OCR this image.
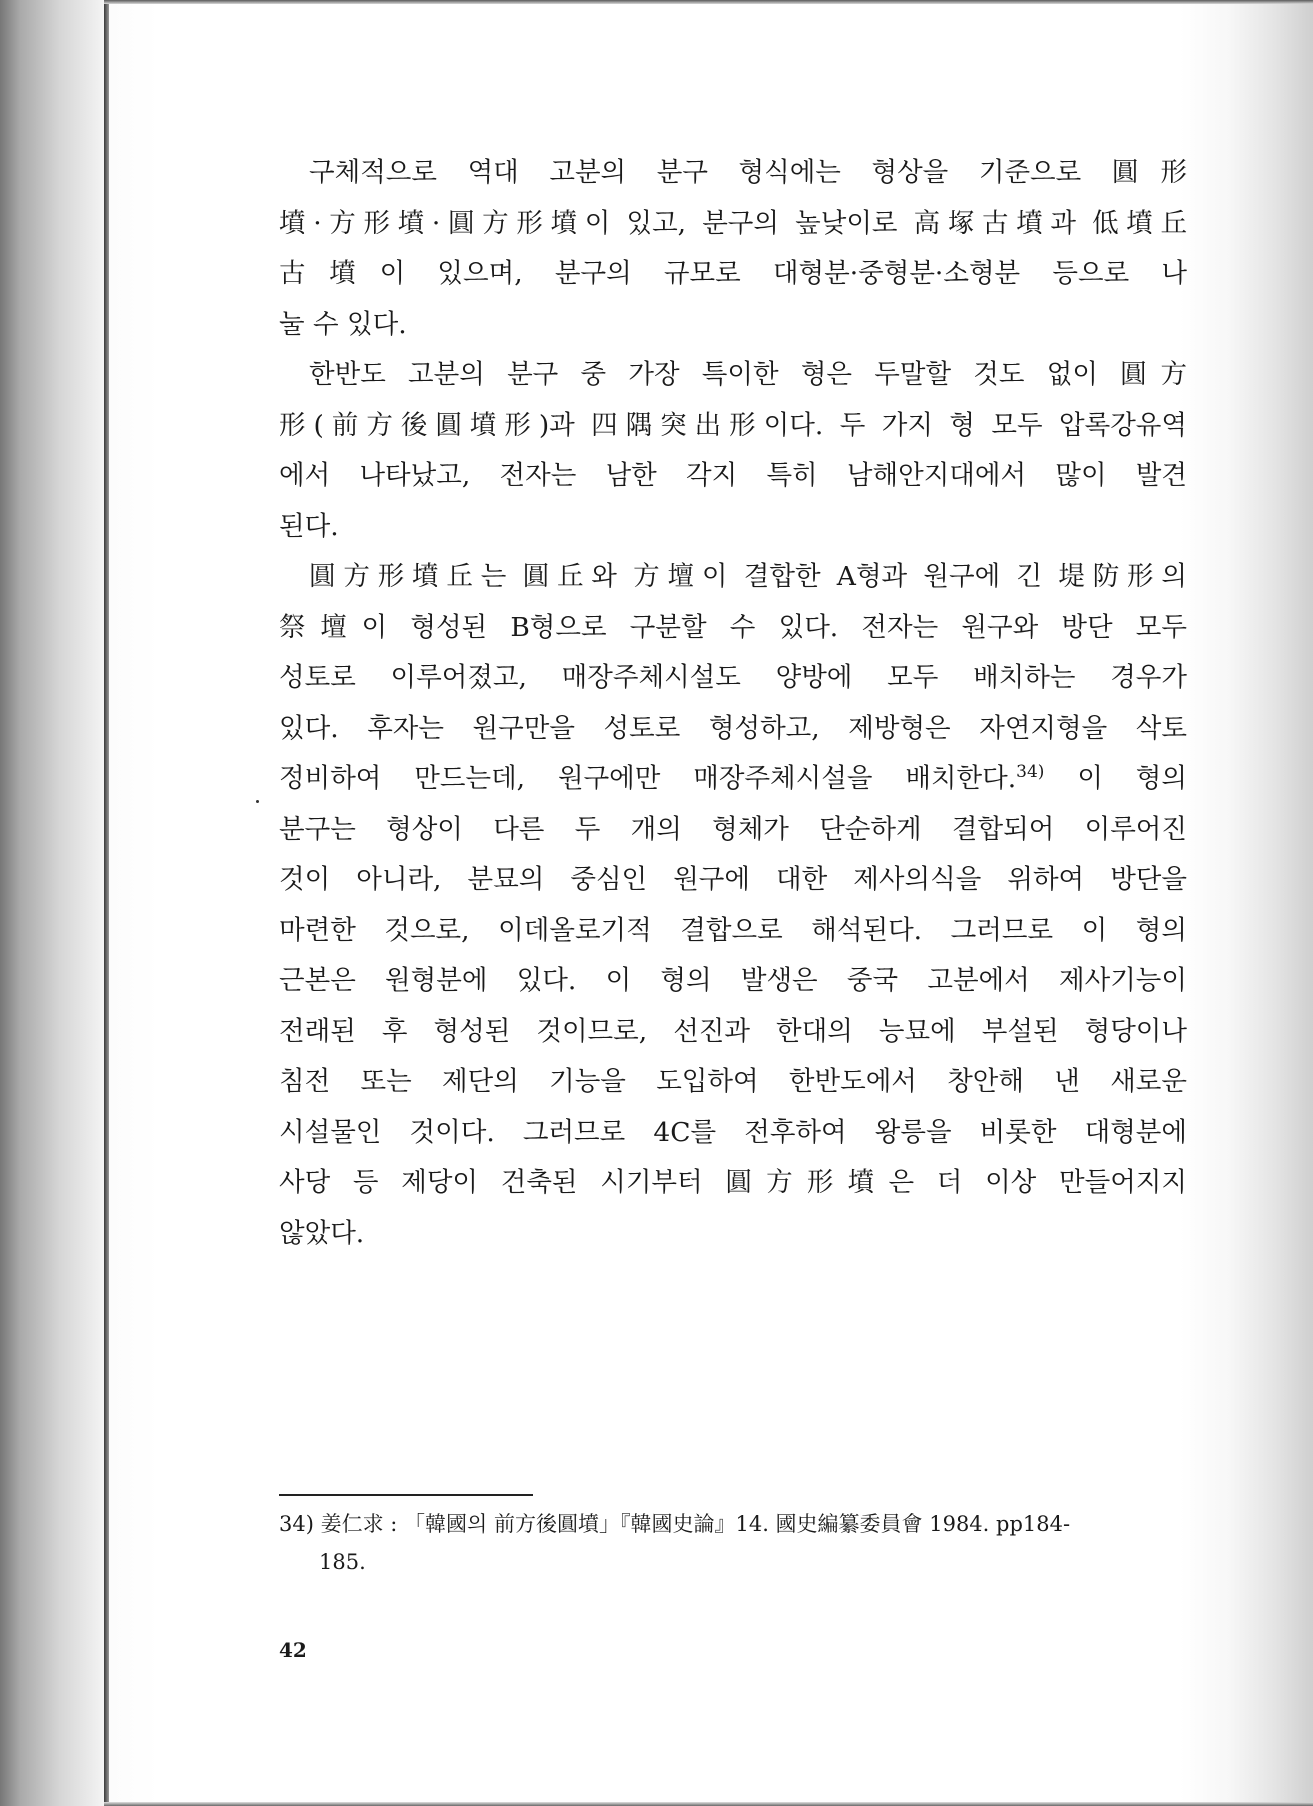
구체적으로 역대 고분의 분구 형식에는 형상을 기준으로 圓形
墳·方形墳·圓方形墳이 있고, 분구의 높낮이로 高塚古墳과 低墳丘
古墳이 있으며, 분구의 규모로 대형분·중형분·소형분 등으로 나
눌 수 있다.

한반도 고분의 분구 중 가장 특이한 형은 두말할 것도 없이 圓方
形(前方後圓墳形)과 四隅突出形이다. 두 가지 형 모두 압록강유역
에서 나타났고, 전자는 남한 각지 특히 남해안지대에서 많이 발견
된다.

圓方形墳丘는 圓丘와 方壇이 결합한 A형과 원구에 긴 堤防形의
祭壇이 형성된 B형으로 구분할 수 있다. 전자는 원구와 방단 모두
성토로 이루어졌고, 매장주체시설도 양방에 모두 배치하는 경우가
있다. 후자는 원구만을 성토로 형성하고, 제방형은 자연지형을 삭토
정비하여 만드는데, 원구에만 매장주체시설을 배치한다.$^{34)}$ 이 형의
분구는 형상이 다른 두 개의 형체가 단순하게 결합되어 이루어진
것이 아니라, 분묘의 중심인 원구에 대한 제사의식을 위하여 방단을
마련한 것으로, 이데올로기적 결합으로 해석된다. 그러므로 이 형의
근본은 원형분에 있다. 이 형의 발생은 중국 고분에서 제사기능이
전래된 후 형성된 것이므로, 선진과 한대의 능묘에 부설된 형당이나
침전 또는 제단의 기능을 도입하여 한반도에서 창안해 낸 새로운
시설물인 것이다. 그러므로 4C를 전후하여 왕릉을 비롯한 대형분에
사당 등 제당이 건축된 시기부터 圓方形墳은 더 이상 만들어지지
않았다.

34) 姜仁求 : 「韓國의 前方後圓墳」『韓國史論』14. 國史編纂委員會 1984. pp184-
185.
42
